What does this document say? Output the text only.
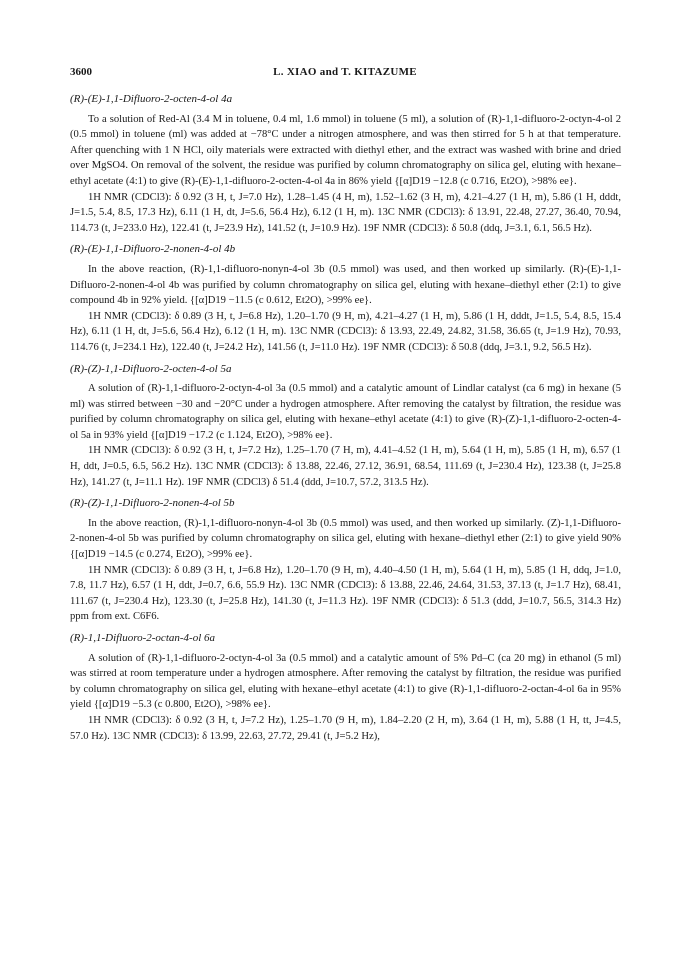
3600	L. XIAO and T. KITAZUME

(R)-(E)-1,1-Difluoro-2-octen-4-ol 4a

To a solution of Red-Al (3.4 M in toluene, 0.4 ml, 1.6 mmol) in toluene (5 ml), a solution of (R)-1,1-difluoro-2-octyn-4-ol 2 (0.5 mmol) in toluene (ml) was added at −78°C under a nitrogen atmosphere, and was then stirred for 5 h at that temperature. After quenching with 1 N HCl, oily materials were extracted with diethyl ether, and the extract was washed with brine and dried over MgSO4. On removal of the solvent, the residue was purified by column chromatography on silica gel, eluting with hexane–ethyl acetate (4:1) to give (R)-(E)-1,1-difluoro-2-octen-4-ol 4a in 86% yield {[α]D19 −12.8 (c 0.716, Et2O), >98% ee}.

1H NMR (CDCl3): δ 0.92 (3 H, t, J=7.0 Hz), 1.28–1.45 (4 H, m), 1.52–1.62 (3 H, m), 4.21–4.27 (1 H, m), 5.86 (1 H, dddt, J=1.5, 5.4, 8.5, 17.3 Hz), 6.11 (1 H, dt, J=5.6, 56.4 Hz), 6.12 (1 H, m). 13C NMR (CDCl3): δ 13.91, 22.48, 27.27, 36.40, 70.94, 114.73 (t, J=233.0 Hz), 122.41 (t, J=23.9 Hz), 141.52 (t, J=10.9 Hz). 19F NMR (CDCl3): δ 50.8 (ddq, J=3.1, 6.1, 56.5 Hz).

(R)-(E)-1,1-Difluoro-2-nonen-4-ol 4b

In the above reaction, (R)-1,1-difluoro-nonyn-4-ol 3b (0.5 mmol) was used, and then worked up similarly. (R)-(E)-1,1-Difluoro-2-nonen-4-ol 4b was purified by column chromatography on silica gel, eluting with hexane–diethyl ether (2:1) to give compound 4b in 92% yield. {[α]D19 −11.5 (c 0.612, Et2O), >99% ee}.

1H NMR (CDCl3): δ 0.89 (3 H, t, J=6.8 Hz), 1.20–1.70 (9 H, m), 4.21–4.27 (1 H, m), 5.86 (1 H, dddt, J=1.5, 5.4, 8.5, 15.4 Hz), 6.11 (1 H, dt, J=5.6, 56.4 Hz), 6.12 (1 H, m). 13C NMR (CDCl3): δ 13.93, 22.49, 24.82, 31.58, 36.65 (t, J=1.9 Hz), 70.93, 114.76 (t, J=234.1 Hz), 122.40 (t, J=24.2 Hz), 141.56 (t, J=11.0 Hz). 19F NMR (CDCl3): δ 50.8 (ddq, J=3.1, 9.2, 56.5 Hz).

(R)-(Z)-1,1-Difluoro-2-octen-4-ol 5a

A solution of (R)-1,1-difluoro-2-octyn-4-ol 3a (0.5 mmol) and a catalytic amount of Lindlar catalyst (ca 6 mg) in hexane (5 ml) was stirred between −30 and −20°C under a hydrogen atmosphere. After removing the catalyst by filtration, the residue was purified by column chromatography on silica gel, eluting with hexane–ethyl acetate (4:1) to give (R)-(Z)-1,1-difluoro-2-octen-4-ol 5a in 93% yield {[α]D19 −17.2 (c 1.124, Et2O), >98% ee}.

1H NMR (CDCl3): δ 0.92 (3 H, t, J=7.2 Hz), 1.25–1.70 (7 H, m), 4.41–4.52 (1 H, m), 5.64 (1 H, m), 5.85 (1 H, m), 6.57 (1 H, ddt, J=0.5, 6.5, 56.2 Hz). 13C NMR (CDCl3): δ 13.88, 22.46, 27.12, 36.91, 68.54, 111.69 (t, J=230.4 Hz), 123.38 (t, J=25.8 Hz), 141.27 (t, J=11.1 Hz). 19F NMR (CDCl3) δ 51.4 (ddd, J=10.7, 57.2, 313.5 Hz).

(R)-(Z)-1,1-Difluoro-2-nonen-4-ol 5b

In the above reaction, (R)-1,1-difluoro-nonyn-4-ol 3b (0.5 mmol) was used, and then worked up similarly. (Z)-1,1-Difluoro-2-nonen-4-ol 5b was purified by column chromatography on silica gel, eluting with hexane–diethyl ether (2:1) to give yield 90% {[α]D19 −14.5 (c 0.274, Et2O), >99% ee}.

1H NMR (CDCl3): δ 0.89 (3 H, t, J=6.8 Hz), 1.20–1.70 (9 H, m), 4.40–4.50 (1 H, m), 5.64 (1 H, m), 5.85 (1 H, ddq, J=1.0, 7.8, 11.7 Hz), 6.57 (1 H, ddt, J=0.7, 6.6, 55.9 Hz). 13C NMR (CDCl3): δ 13.88, 22.46, 24.64, 31.53, 37.13 (t, J=1.7 Hz), 68.41, 111.67 (t, J=230.4 Hz), 123.30 (t, J=25.8 Hz), 141.30 (t, J=11.3 Hz). 19F NMR (CDCl3): δ 51.3 (ddd, J=10.7, 56.5, 314.3 Hz) ppm from ext. C6F6.

(R)-1,1-Difluoro-2-octan-4-ol 6a

A solution of (R)-1,1-difluoro-2-octyn-4-ol 3a (0.5 mmol) and a catalytic amount of 5% Pd–C (ca 20 mg) in ethanol (5 ml) was stirred at room temperature under a hydrogen atmosphere. After removing the catalyst by filtration, the residue was purified by column chromatography on silica gel, eluting with hexane–ethyl acetate (4:1) to give (R)-1,1-difluoro-2-octan-4-ol 6a in 95% yield {[α]D19 −5.3 (c 0.800, Et2O), >98% ee}.

1H NMR (CDCl3): δ 0.92 (3 H, t, J=7.2 Hz), 1.25–1.70 (9 H, m), 1.84–2.20 (2 H, m), 3.64 (1 H, m), 5.88 (1 H, tt, J=4.5, 57.0 Hz). 13C NMR (CDCl3): δ 13.99, 22.63, 27.72, 29.41 (t, J=5.2 Hz),
